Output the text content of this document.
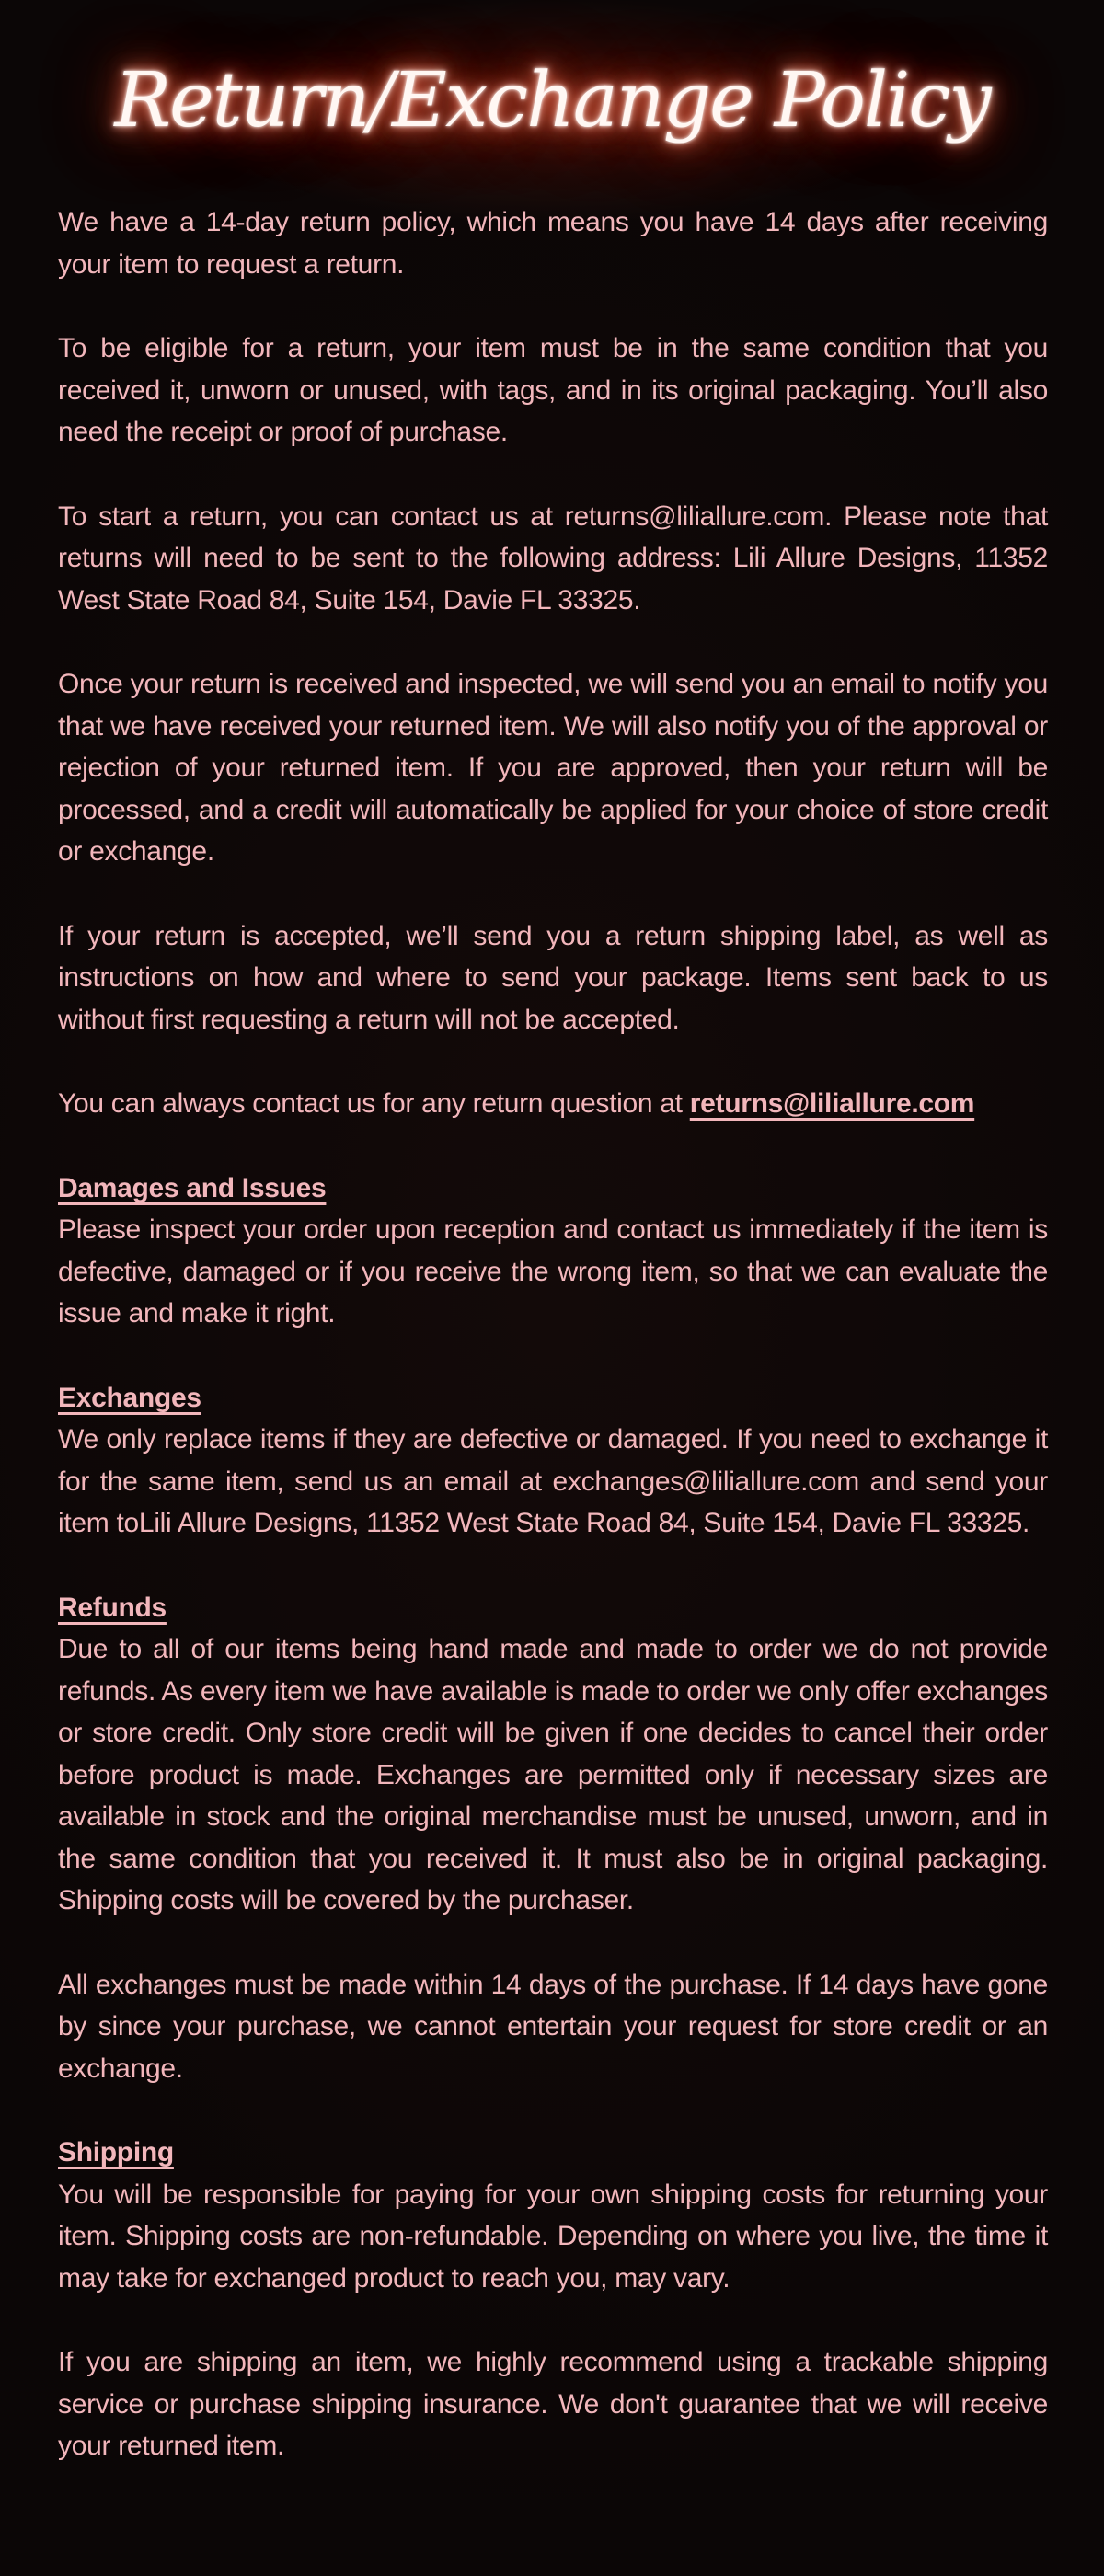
Return/Exchange Policy

We have a 14-day return policy, which means you have 14 days after receiving your item to request a return.

To be eligible for a return, your item must be in the same condition that you received it, unworn or unused, with tags, and in its original packaging. You’ll also need the receipt or proof of purchase.

To start a return, you can contact us at returns@liliallure.com. Please note that returns will need to be sent to the following address: Lili Allure Designs, 11352 West State Road 84, Suite 154, Davie FL 33325.

Once your return is received and inspected, we will send you an email to notify you that we have received your returned item. We will also notify you of the approval or rejection of your returned item. If you are approved, then your return will be processed, and a credit will automatically be applied for your choice of store credit or exchange.

If your return is accepted, we’ll send you a return shipping label, as well as instructions on how and where to send your package. Items sent back to us without first requesting a return will not be accepted.

You can always contact us for any return question at returns@liliallure.com

Damages and Issues

Please inspect your order upon reception and contact us immediately if the item is defective, damaged or if you receive the wrong item, so that we can evaluate the issue and make it right.

Exchanges

We only replace items if they are defective or damaged. If you need to exchange it for the same item, send us an email at exchanges@liliallure.com and send your item toLili Allure Designs, 11352 West State Road 84, Suite 154, Davie FL 33325.

Refunds

Due to all of our items being hand made and made to order we do not provide refunds. As every item we have available is made to order we only offer exchanges or store credit. Only store credit will be given if one decides to cancel their order before product is made. Exchanges are permitted only if necessary sizes are available in stock and the original merchandise must be unused, unworn, and in the same condition that you received it. It must also be in original packaging. Shipping costs will be covered by the purchaser.

All exchanges must be made within 14 days of the purchase. If 14 days have gone by since your purchase, we cannot entertain your request for store credit or an exchange.

Shipping

You will be responsible for paying for your own shipping costs for returning your item. Shipping costs are non-refundable. Depending on where you live, the time it may take for exchanged product to reach you, may vary.

If you are shipping an item, we highly recommend using a trackable shipping service or purchase shipping insurance. We don't guarantee that we will receive your returned item.
